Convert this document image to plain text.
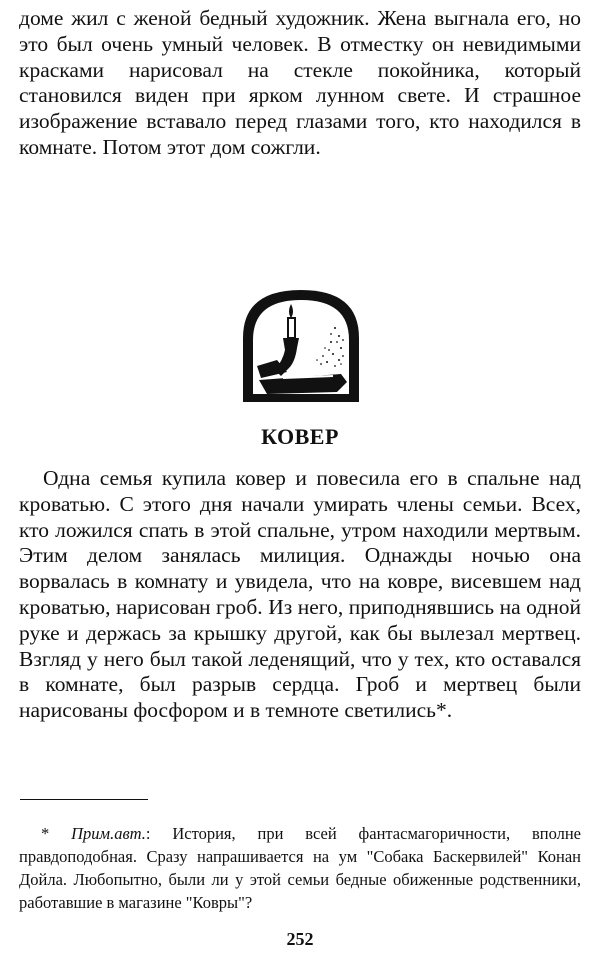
доме жил с женой бедный художник. Жена выгнала его, но это был очень умный человек. В отместку он невидимыми красками нарисовал на стекле покойника, который становился виден при ярком лунном свете. И страшное изображение вставало перед глазами того, кто находился в комнате. Потом этот дом сожгли.

КОВЕР

Одна семья купила ковер и повесила его в спальне над кроватью. С этого дня начали умирать члены семьи. Всех, кто ложился спать в этой спальне, утром находили мертвым. Этим делом занялась милиция. Однажды ночью она ворвалась в комнату и увидела, что на ковре, висевшем над кроватью, нарисован гроб. Из него, приподнявшись на одной руке и держась за крышку другой, как бы вылезал мертвец. Взгляд у него был такой леденящий, что у тех, кто оставался в комнате, был разрыв сердца. Гроб и мертвец были нарисованы фосфором и в темноте светились*.

* Прим.авт.: История, при всей фантасмагоричности, вполне правдоподобная. Сразу напрашивается на ум "Собака Баскервилей" Конан Дойла. Любопытно, были ли у этой семьи бедные обиженные родственники, работавшие в магазине "Ковры"?

252
